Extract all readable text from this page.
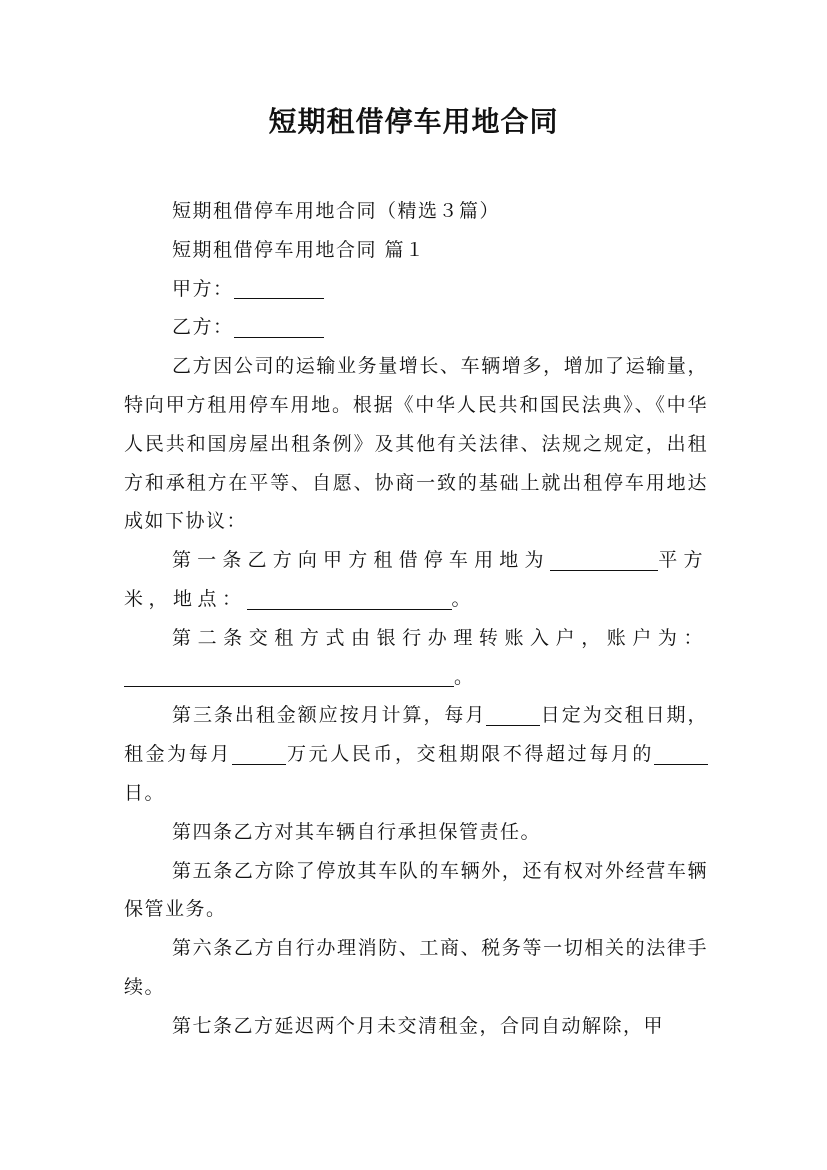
短期租借停车用地合同

短期租借停车用地合同（精选３篇）

短期租借停车用地合同 篇１

甲方：

乙方：

乙方因公司的运输业务量增长、车辆增多，增加了运输量，特向甲方租用停车用地。根据《中华人民共和国民法典》、《中华人民共和国房屋出租条例》及其他有关法律、法规之规定，出租方和承租方在平等、自愿、协商一致的基础上就出租停车用地达成如下协议：

第一条乙方向甲方租借停车用地为	平方米，地点：	。

第二条交租方式由银行办理转账入户，账户为：。

第三条出租金额应按月计算，每月	日定为交租日期，租金为每月	万元人民币，交租期限不得超过每月的日。

第四条乙方对其车辆自行承担保管责任。

第五条乙方除了停放其车队的车辆外，还有权对外经营车辆保管业务。

第六条乙方自行办理消防、工商、税务等一切相关的法律手续。

第七条乙方延迟两个月未交清租金，合同自动解除，甲
